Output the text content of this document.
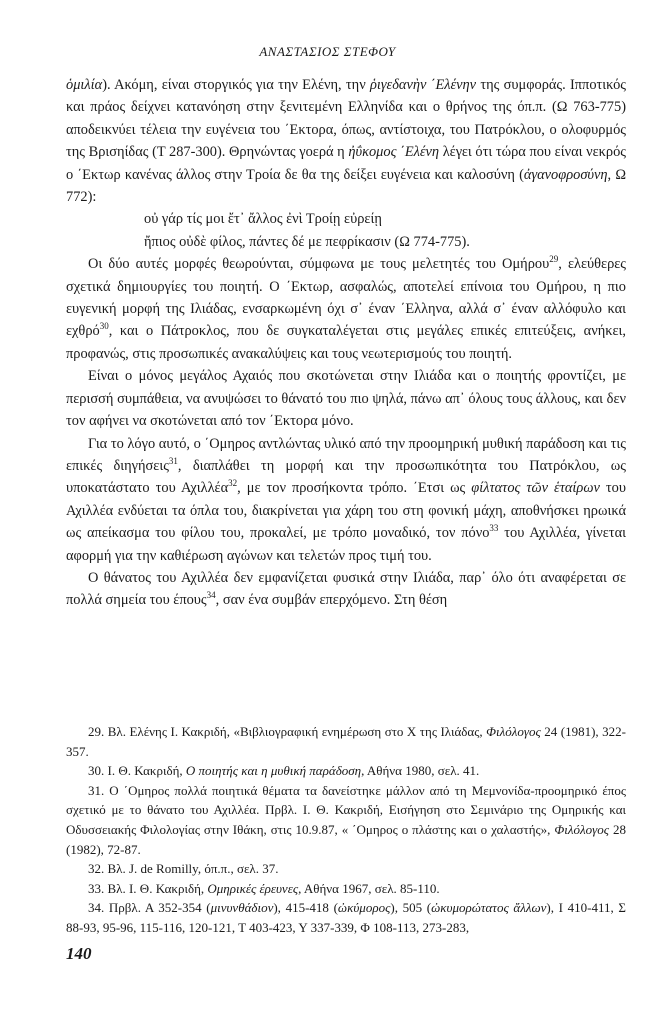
ΑΝΑΣΤΑΣΙΟΣ ΣΤΕΦΟΥ

ὁμιλία). Ακόμη, είναι στοργικός για την Ελένη, την ῥιγεδανὴν ΄Ελένην της συμφοράς. Ιπποτικός και πράος δείχνει κατανόηση στην ξενιτεμένη Ελληνίδα και ο θρήνος της όπ.π. (Ω 763-775) αποδεικνύει τέλεια την ευγένεια του ΄Εκτορα, όπως, αντίστοιχα, του Πατρόκλου, ο ολοφυρμός της Βρισηίδας (Τ 287-300). Θρηνώντας γοερά η ἠΰκομος ΄Ελένη λέγει ότι τώρα που είναι νεκρός ο ΄Εκτωρ κανένας άλλος στην Τροία δε θα της δείξει ευγένεια και καλοσύνη (ἀγανοφροσύνη, Ω 772):

οὐ γάρ τίς μοι ἔτ᾽ ἄλλος ἐνὶ Τροίῃ εὐρείῃ

ἤπιος οὐδὲ φίλος, πάντες δέ με πεφρίκασιν (Ω 774-775).

Οι δύο αυτές μορφές θεωρούνται, σύμφωνα με τους μελετητές του Ομήρου$^{29}$, ελεύθερες σχετικά δημιουργίες του ποιητή. Ο ΄Εκτωρ, ασφαλώς, αποτελεί επίνοια του Ομήρου, η πιο ευγενική μορφή της Ιλιάδας, ενσαρκωμένη όχι σ᾽ έναν ΄Ελληνα, αλλά σ᾽ έναν αλλόφυλο και εχθρό$^{30}$, και ο Πάτροκλος, που δε συγκαταλέγεται στις μεγάλες επικές επιτεύξεις, ανήκει, προφανώς, στις προσωπικές ανακαλύψεις και τους νεωτερισμούς του ποιητή.

Είναι ο μόνος μεγάλος Αχαιός που σκοτώνεται στην Ιλιάδα και ο ποιητής φροντίζει, με περισσή συμπάθεια, να ανυψώσει το θάνατό του πιο ψηλά, πάνω απ᾽ όλους τους άλλους, και δεν τον αφήνει να σκοτώνεται από τον ΄Εκτορα μόνο.

Για το λόγο αυτό, ο ΄Ομηρος αντλώντας υλικό από την προομηρική μυθική παράδοση και τις επικές διηγήσεις$^{31}$, διαπλάθει τη μορφή και την προσωπικότητα του Πατρόκλου, ως υποκατάστατο του Αχιλλέα$^{32}$, με τον προσήκοντα τρόπο. ΄Ετσι ως φίλτατος τῶν ἑταίρων του Αχιλλέα ενδύεται τα όπλα του, διακρίνεται για χάρη του στη φονική μάχη, αποθνήσκει ηρωικά ως απείκασμα του φίλου του, προκαλεί, με τρόπο μοναδικό, τον πόνο$^{33}$ του Αχιλλέα, γίνεται αφορμή για την καθιέρωση αγώνων και τελετών προς τιμή του.

Ο θάνατος του Αχιλλέα δεν εμφανίζεται φυσικά στην Ιλιάδα, παρ᾽ όλο ότι αναφέρεται σε πολλά σημεία του έπους$^{34}$, σαν ένα συμβάν επερχόμενο. Στη θέση

29. Βλ. Ελένης Ι. Κακριδή, «Βιβλιογραφική ενημέρωση στο Χ της Ιλιάδας, Φιλόλογος 24 (1981), 322-357.

30. Ι. Θ. Κακριδή, Ο ποιητής και η μυθική παράδοση, Αθήνα 1980, σελ. 41.

31. Ο ΄Ομηρος πολλά ποιητικά θέματα τα δανείστηκε μάλλον από τη Μεμνονίδα-προομηρικό έπος σχετικό με το θάνατο του Αχιλλέα. Πρβλ. Ι. Θ. Κακριδή, Εισήγηση στο Σεμινάριο της Ομηρικής και Οδυσσειακής Φιλολογίας στην Ιθάκη, στις 10.9.87, « ΄Ομηρος ο πλάστης και ο χαλαστής», Φιλόλογος 28 (1982), 72-87.

32. Βλ. J. de Romilly, όπ.π., σελ. 37.

33. Βλ. Ι. Θ. Κακριδή, Ομηρικές έρευνες, Αθήνα 1967, σελ. 85-110.

34. Πρβλ. Α 352-354 (μινυνθάδιον), 415-418 (ὠκύμορος), 505 (ὠκυμορώτατος ἄλλων), Ι 410-411, Σ 88-93, 95-96, 115-116, 120-121, Τ 403-423, Υ 337-339, Φ 108-113, 273-283,

140
